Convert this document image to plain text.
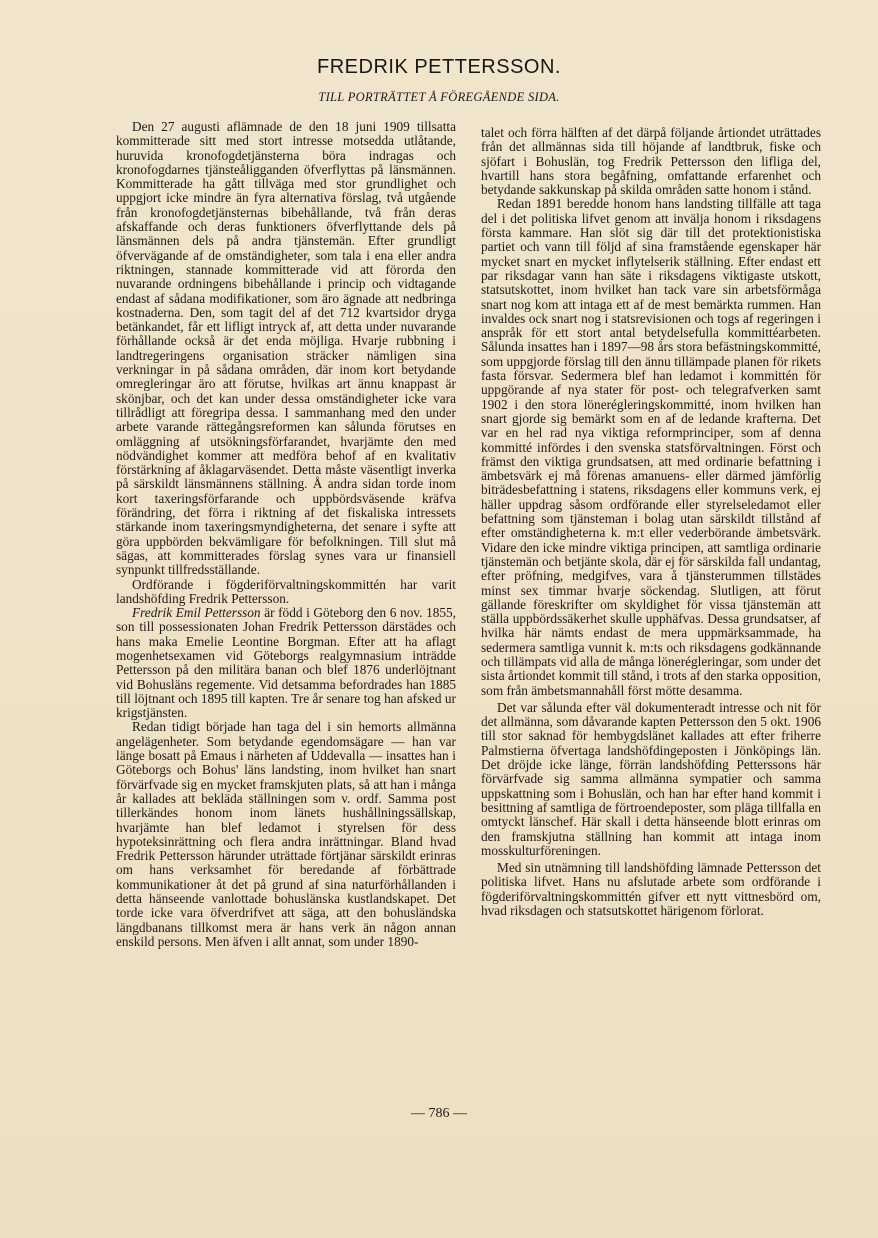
FREDRIK PETTERSSON.
TILL PORTRÄTTET Å FÖREGÅENDE SIDA.

Den 27 augusti aflämnade de den 18 juni 1909 tillsatta kommitterade sitt med stort intresse motsedda utlåtande, huruvida kronofogdetjänsterna böra indragas och kronofogdarnes tjänsteåligganden öfverflyttas på länsmännen. Kommitterade ha gått tillväga med stor grundlighet och uppgjort icke mindre än fyra alternativa förslag, två utgående från kronofogdetjänsternas bibehållande, två från deras afskaffande och deras funktioners öfverflyttande dels på länsmännen dels på andra tjänstemän. Efter grundligt öfvervägande af de omständigheter, som tala i ena eller andra riktningen, stannade kommitterade vid att förorda den nuvarande ordningens bibehållande i princip och vidtagande endast af sådana modifikationer, som äro ägnade att nedbringa kostnaderna. Den, som tagit del af det 712 kvartsidor dryga betänkandet, får ett lifligt intryck af, att detta under nuvarande förhållande också är det enda möjliga. Hvarje rubbning i landtregeringens organisation sträcker nämligen sina verkningar in på sådana områden, där inom kort betydande omregleringar äro att förutse, hvilkas art ännu knappast är skönjbar, och det kan under dessa omständigheter icke vara tillrådligt att föregripa dessa. I sammanhang med den under arbete varande rättegångsreformen kan sålunda förutses en omläggning af utsökningsförfarandet, hvarjämte den med nödvändighet kommer att medföra behof af en kvalitativ förstärkning af åklagarväsendet. Detta måste väsentligt inverka på särskildt länsmännens ställning. Å andra sidan torde inom kort taxeringsförfarande och uppbördsväsende kräfva förändring, det förra i riktning af det fiskaliska intressets stärkande inom taxeringsmyndigheterna, det senare i syfte att göra uppbörden bekvämligare för befolkningen. Till slut må sägas, att kommitterades förslag synes vara ur finansiell synpunkt tillfredsställande.

Ordförande i fögderiförvaltningskommittén har varit landshöfding Fredrik Pettersson.

Fredrik Emil Pettersson är född i Göteborg den 6 nov. 1855, son till possessionaten Johan Fredrik Pettersson därstädes och hans maka Emelie Leontine Borgman. Efter att ha aflagt mogenhetsexamen vid Göteborgs realgymnasium inträdde Pettersson på den militära banan och blef 1876 underlöjtnant vid Bohusläns regemente. Vid detsamma befordrades han 1885 till löjtnant och 1895 till kapten. Tre år senare tog han afsked ur krigstjänsten.

Redan tidigt började han taga del i sin hemorts allmänna angelägenheter. Som betydande egendomsägare — han var länge bosatt på Emaus i närheten af Uddevalla — insattes han i Göteborgs och Bohus' läns landsting, inom hvilket han snart förvärfvade sig en mycket framskjuten plats, så att han i många år kallades att bekläda ställningen som v. ordf. Samma post tillerkändes honom inom länets hushållningssällskap, hvarjämte han blef ledamot i styrelsen för dess hypoteksinrättning och flera andra inrättningar. Bland hvad Fredrik Pettersson härunder uträttade förtjänar särskildt erinras om hans verksamhet för beredande af förbättrade kommunikationer åt det på grund af sina naturförhållanden i detta hänseende vanlottade bohuslänska kustlandskapet. Det torde icke vara öfverdrifvet att säga, att den bohusländska längdbanans tillkomst mera är hans verk än någon annan enskild persons. Men äfven i allt annat, som under 1890-

talet och förra hälften af det därpå följande årtiondet uträttades från det allmännas sida till höjande af landtbruk, fiske och sjöfart i Bohuslän, tog Fredrik Pettersson den lifliga del, hvartill hans stora begåfning, omfattande erfarenhet och betydande sakkunskap på skilda områden satte honom i stånd.

Redan 1891 beredde honom hans landsting tillfälle att taga del i det politiska lifvet genom att invälja honom i riksdagens första kammare. Han slöt sig där till det protektionistiska partiet och vann till följd af sina framstående egenskaper här mycket snart en mycket inflytelserik ställning. Efter endast ett par riksdagar vann han säte i riksdagens viktigaste utskott, statsutskottet, inom hvilket han tack vare sin arbetsförmåga snart nog kom att intaga ett af de mest bemärkta rummen. Han invaldes ock snart nog i statsrevisionen och togs af regeringen i anspråk för ett stort antal betydelsefulla kommittéarbeten. Sålunda insattes han i 1897—98 års stora befästningskommitté, som uppgjorde förslag till den ännu tillämpade planen för rikets fasta försvar. Sedermera blef han ledamot i kommittén för uppgörande af nya stater för post- och telegrafverken samt 1902 i den stora lönerégleringskommitté, inom hvilken han snart gjorde sig bemärkt som en af de ledande krafterna. Det var en hel rad nya viktiga reformprinciper, som af denna kommitté infördes i den svenska statsförvaltningen. Först och främst den viktiga grundsatsen, att med ordinarie befattning i ämbetsvärk ej må förenas amanuens- eller därmed jämförlig biträdesbefattning i statens, riksdagens eller kommuns verk, ej häller uppdrag såsom ordförande eller styrelseledamot eller befattning som tjänsteman i bolag utan särskildt tillstånd af efter omständigheterna k. m:t eller vederbörande ämbetsvärk. Vidare den icke mindre viktiga principen, att samtliga ordinarie tjänstemän och betjänte skola, där ej för särskilda fall undantag, efter pröfning, medgifves, vara å tjänsterummen tillstädes minst sex timmar hvarje söckendag. Slutligen, att förut gällande föreskrifter om skyldighet för vissa tjänstemän att ställa uppbördssäkerhet skulle upphäfvas. Dessa grundsatser, af hvilka här nämts endast de mera uppmärksammade, ha sedermera samtliga vunnit k. m:ts och riksdagens godkännande och tillämpats vid alla de många lönerégleringar, som under det sista årtiondet kommit till stånd, i trots af den starka opposition, som från ämbetsmannahåll först mötte desamma.

Det var sålunda efter väl dokumenteradt intresse och nit för det allmänna, som dåvarande kapten Pettersson den 5 okt. 1906 till stor saknad för hembygdslänet kallades att efter friherre Palmstierna öfvertaga landshöfdingeposten i Jönköpings län. Det dröjde icke länge, förrän landshöfding Petterssons här förvärfvade sig samma allmänna sympatier och samma uppskattning som i Bohuslän, och han har efter hand kommit i besittning af samtliga de förtroendeposter, som pläga tillfalla en omtyckt länschef. Här skall i detta hänseende blott erinras om den framskjutna ställning han kommit att intaga inom mosskulturföreningen.

Med sin utnämning till landshöfding lämnade Pettersson det politiska lifvet. Hans nu afslutade arbete som ordförande i fögderiförvaltningskommittén gifver ett nytt vittnesbörd om, hvad riksdagen och statsutskottet härigenom förlorat.

— 786 —
